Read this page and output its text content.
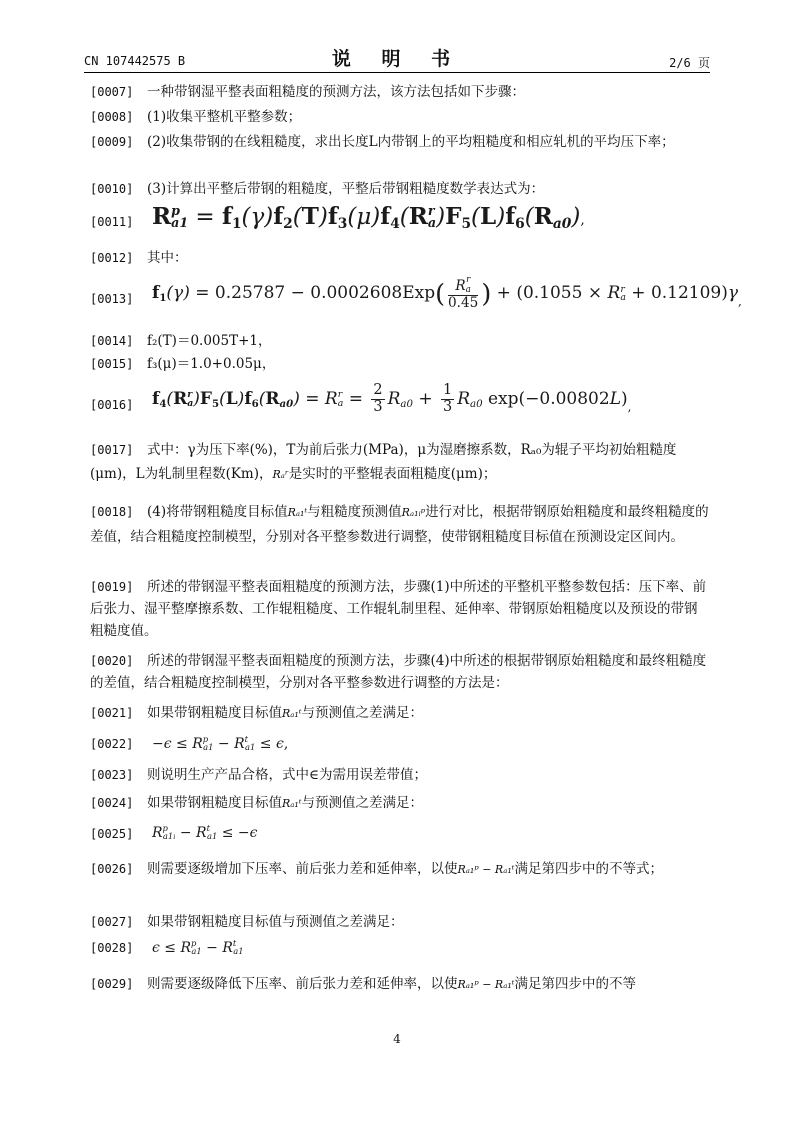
CN 107442575 B	说 明 书	2/6 页
[0007] 一种带钢湿平整表面粗糙度的预测方法，该方法包括如下步骤：
[0008] (1)收集平整机平整参数；
[0009] (2)收集带钢的在线粗糙度，求出长度L内带钢上的平均粗糙度和相应轧机的平均压下率；
[0010] (3)计算出平整后带钢的粗糙度，平整后带钢粗糙度数学表达式为：
[0011] R p
$a1 = f_1(\gamma)f_2(T)f_3(\mu)f_4(R$ r
a )$F_5(L)f_6(R_{a0})$,
[0012] 其中：
[0013] $f_1(\gamma) = 0.25787 - 0.0002608Exp$( R r
a
0.45 ) + (0.1055 × R r
$a + 0.12109)\gamma_,$
[0014] f₂(T)＝0.005T+1，
[0015] f₃(μ)＝1.0+0.05μ，
[0016] $f_4(R$ r
a )$F_5(L)f_6(R_{a0}) = R$ r
$a = \frac{2}{3} R_{a0} + \frac{1}{3} R_{a0}$ $\exp(-0.00802L)_,$
[0017] 式中：γ为压下率(%)，T为前后张力(MPa)，μ为湿磨擦系数，Rₐ₀为辊子平均初始粗糙度(μm)，L为轧制里程数(Km)，Rₐʳ是实时的平整辊表面粗糙度(μm)；
[0018] (4)将带钢粗糙度目标值Rₐ₁ᵗ与粗糙度预测值Rₐ₁ᵢᵖ进行对比，根据带钢原始粗糙度和最终粗糙度的差值，结合粗糙度控制模型，分别对各平整参数进行调整，使带钢粗糙度目标值在预测设定区间内。
[0019] 所述的带钢湿平整表面粗糙度的预测方法，步骤(1)中所述的平整机平整参数包括：压下率、前后张力、湿平整摩擦系数、工作辊粗糙度、工作辊轧制里程、延伸率、带钢原始粗糙度以及预设的带钢粗糙度值。
[0020] 所述的带钢湿平整表面粗糙度的预测方法，步骤(4)中所述的根据带钢原始粗糙度和最终粗糙度的差值，结合粗糙度控制模型，分别对各平整参数进行调整的方法是：
[0021] 如果带钢粗糙度目标值Rₐ₁ᵗ与预测值之差满足：
$[0022] -\epsilon \le R^p_{a1} - R^t_{a1} \le \epsilon$,
[0023] 则说明生产产品合格，式中∈为需用误差带值；
[0024] 如果带钢粗糙度目标值Rₐ₁ᵗ与预测值之差满足：
[0025] $R^p_{a1i} - R^t_{a1} \le -\epsilon$
[0026] 则需要逐级增加下压率、前后张力差和延伸率，以使Rₐ₁ᵖ − Rₐ₁ᵗ满足第四步中的不等式；
[0027] 如果带钢粗糙度目标值与预测值之差满足：
[0028] $\epsilon \le R^p_{a1} - R^t_{a1}$
[0029] 则需要逐级降低下压率、前后张力差和延伸率，以使Rₐ₁ᵖ − Rₐ₁ᵗ满足第四步中的不等
4
